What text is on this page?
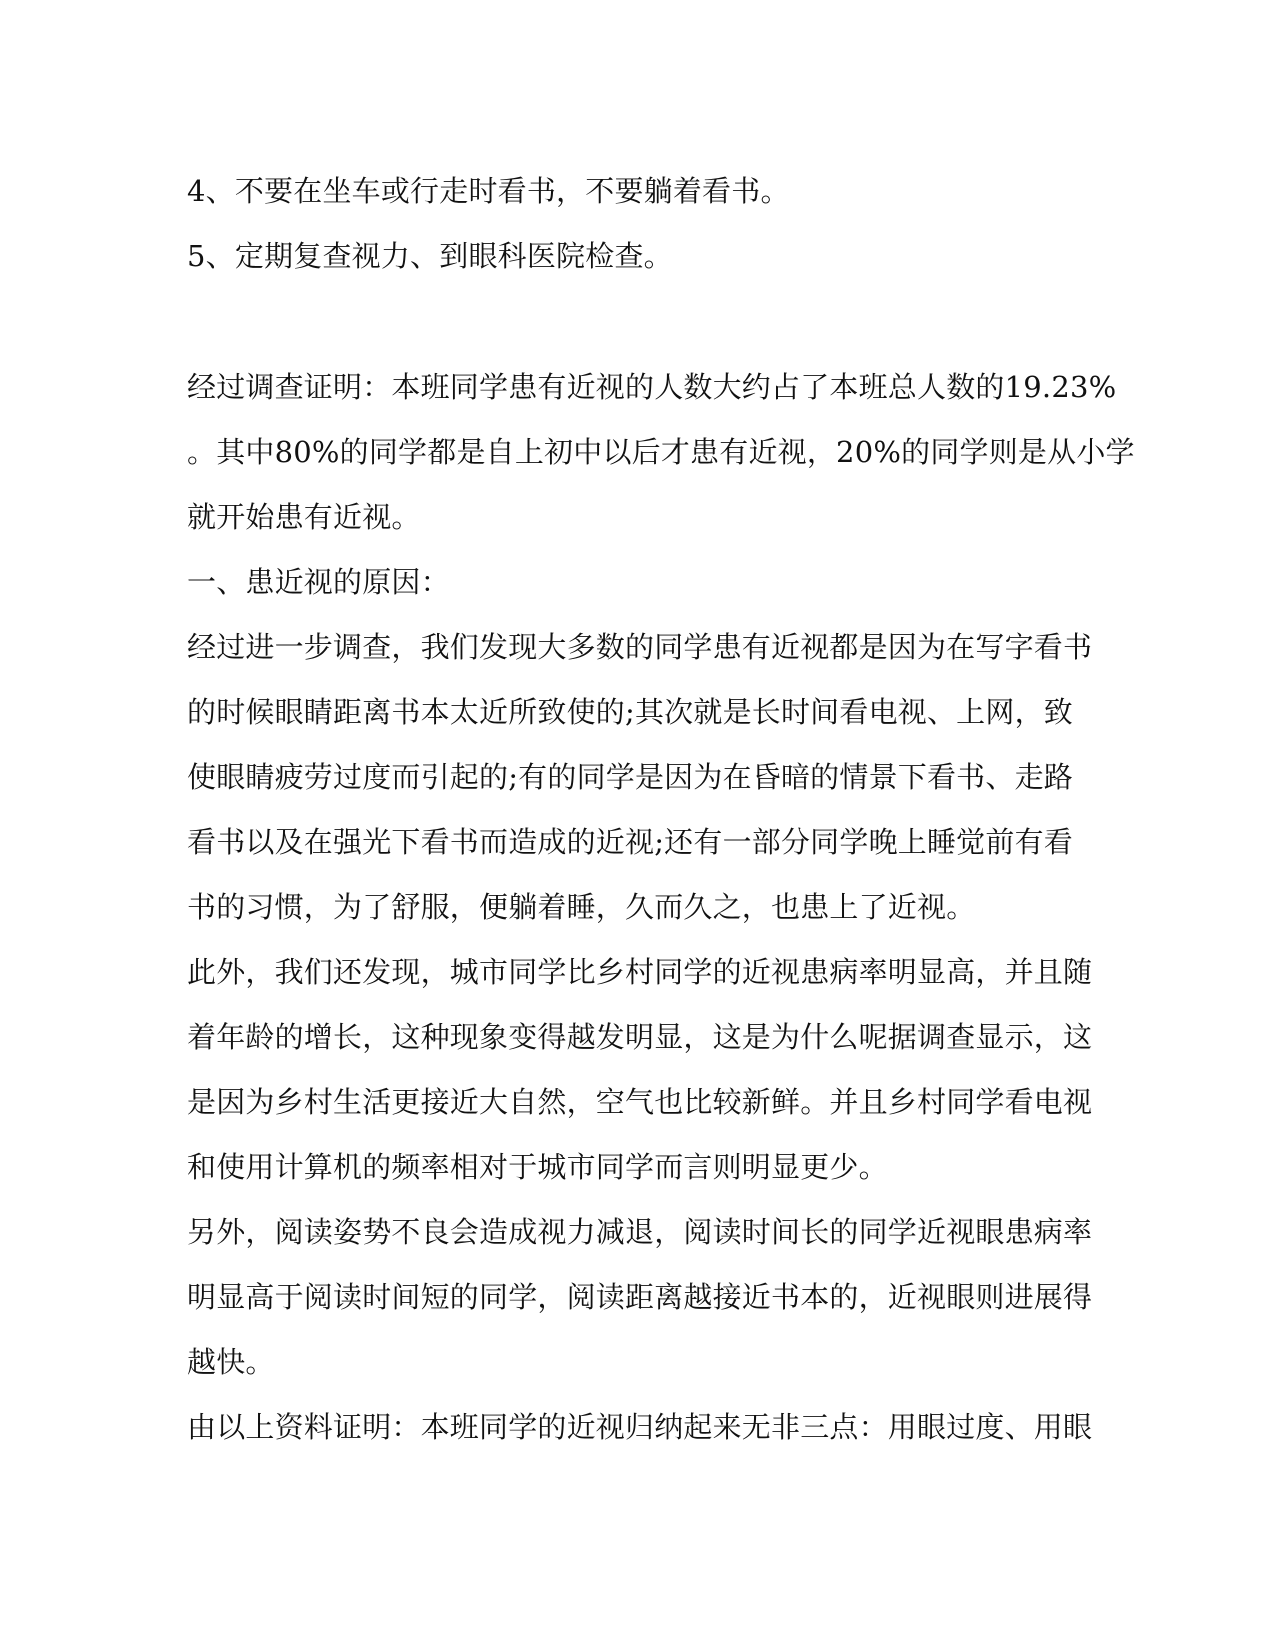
4、不要在坐车或行走时看书，不要躺着看书。

5、定期复查视力、到眼科医院检查。

经过调查证明：本班同学患有近视的人数大约占了本班总人数的19.23%

。其中80%的同学都是自上初中以后才患有近视，20%的同学则是从小学

就开始患有近视。

一、患近视的原因：

经过进一步调查，我们发现大多数的同学患有近视都是因为在写字看书

的时候眼睛距离书本太近所致使的;其次就是长时间看电视、上网，致

使眼睛疲劳过度而引起的;有的同学是因为在昏暗的情景下看书、走路

看书以及在强光下看书而造成的近视;还有一部分同学晚上睡觉前有看

书的习惯，为了舒服，便躺着睡，久而久之，也患上了近视。

此外，我们还发现，城市同学比乡村同学的近视患病率明显高，并且随

着年龄的增长，这种现象变得越发明显，这是为什么呢据调查显示，这

是因为乡村生活更接近大自然，空气也比较新鲜。并且乡村同学看电视

和使用计算机的频率相对于城市同学而言则明显更少。

另外，阅读姿势不良会造成视力减退，阅读时间长的同学近视眼患病率

明显高于阅读时间短的同学，阅读距离越接近书本的，近视眼则进展得

越快。

由以上资料证明：本班同学的近视归纳起来无非三点：用眼过度、用眼
